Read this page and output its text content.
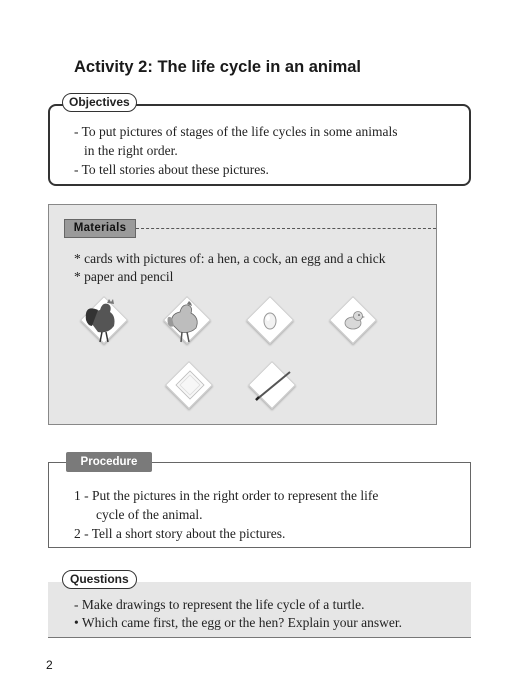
Activity 2: The life cycle in an animal
Objectives
- To put pictures of stages of the life cycles in some animals
in the right order.
- To tell stories about these pictures.
Materials
* cards with pictures of: a hen, a cock, an egg and a chick
* paper and pencil
Procedure
1 - Put the pictures in the right order to represent the life
cycle of the animal.
2 - Tell a short story about the pictures.
Questions
- Make drawings to represent the life cycle of a turtle.
• Which came first, the egg or the hen? Explain your answer.
2
